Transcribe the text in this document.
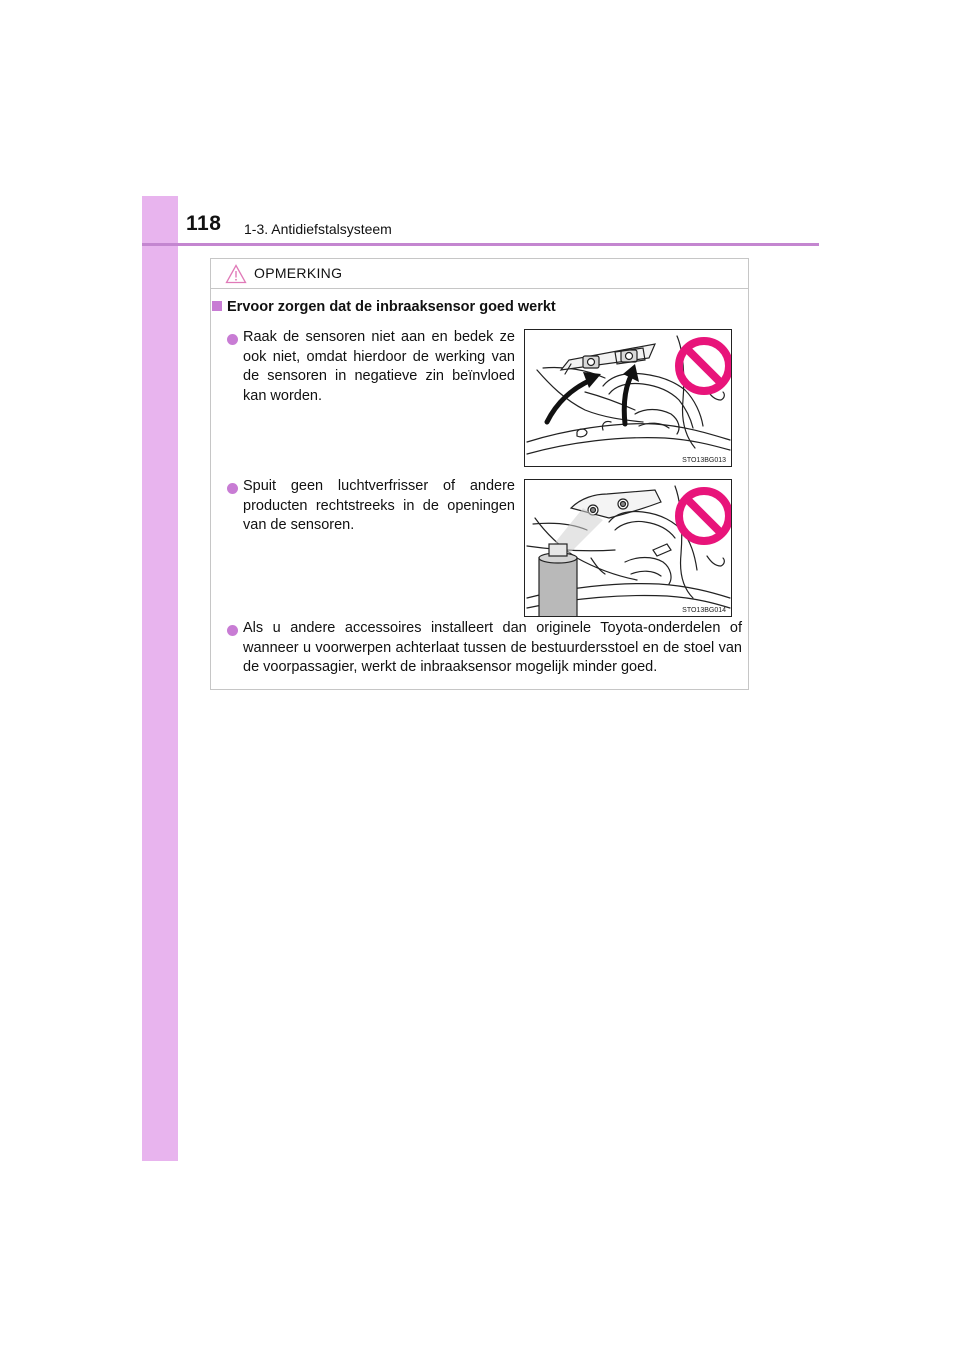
118 1-3. Antidiefstalsysteem
OPMERKING
Ervoor zorgen dat de inbraaksensor goed werkt
Raak de sensoren niet aan en bedek ze ook niet, omdat hierdoor de werking van de sensoren in negatieve zin beïnvloed kan worden.
STO13BG013
Spuit geen luchtverfrisser of andere producten rechtstreeks in de openingen van de sensoren.
STO13BG014
Als u andere accessoires installeert dan originele Toyota-onderdelen of wanneer u voorwerpen achterlaat tussen de bestuurdersstoel en de stoel van de voorpassagier, werkt de inbraaksensor mogelijk minder goed.
